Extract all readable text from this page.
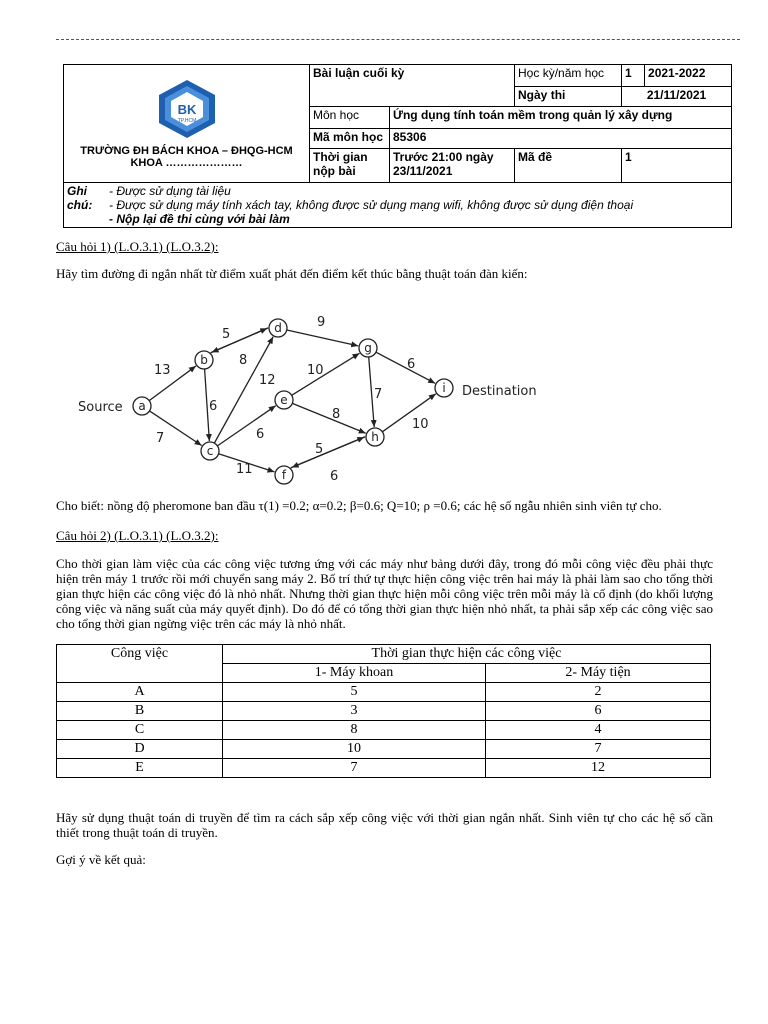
BK
TP.HCM
TRƯỜNG ĐH BÁCH KHOA – ĐHQG-HCM
KHOA …………………	Bài luận cuối kỳ		Học kỳ/năm học	1	2021-2022
			Ngày thi	21/11/2021	
	Môn học	Ứng dụng tính toán mềm trong quản lý xây dựng			
	Mã môn học	85306			
	Thời gian nộp bài	Trước 21:00 ngày 23/11/2021	Mã đề	1	

Ghi - Được sử dụng tài liệu
chú: - Được sử dụng máy tính xách tay, không được sử dụng mạng wifi, không được sử dụng điện thoại
- Nộp lại đề thi cùng với bài làm					
Câu hỏi 1) (L.O.3.1) (L.O.3.2):
Hãy tìm đường đi ngắn nhất từ điểm xuất phát đến điểm kết thúc bằng thuật toán đàn kiến:
13
7
5
8
6
12
6
11
9
10
8
7
6
10
5
6
a
b
c
d
e
f
g
h
i
Source
Destination
Cho biết: nồng độ pheromone ban đầu τ(1) =0.2; α=0.2; β=0.6; Q=10; ρ =0.6; các hệ số ngẫu nhiên sinh viên tự cho.
Câu hỏi 2) (L.O.3.1) (L.O.3.2):
Cho thời gian làm việc của các công việc tương ứng với các máy như bảng dưới đây, trong đó mỗi công việc đều phải thực hiện trên máy 1 trước rồi mới chuyển sang máy 2. Bố trí thứ tự thực hiện công việc trên hai máy là phải làm sao cho tổng thời gian thực hiện các công việc đó là nhỏ nhất. Nhưng thời gian thực hiện mỗi công việc trên mỗi máy là cố định (do khối lượng công việc và năng suất của máy quyết định). Do đó để có tổng thời gian thực hiện nhỏ nhất, ta phải sắp xếp các công việc sao cho tổng thời gian ngừng việc trên các máy là nhỏ nhất.
Công việc	Thời gian thực hiện các công việc	
	1- Máy khoan	2- Máy tiện
A	5	2
B	3	6
C	8	4
D	10	7
E	7	12
Hãy sử dụng thuật toán di truyền để tìm ra cách sắp xếp công việc với thời gian ngắn nhất. Sinh viên tự cho các hệ số cần thiết trong thuật toán di truyền.
Gợi ý về kết quả:
